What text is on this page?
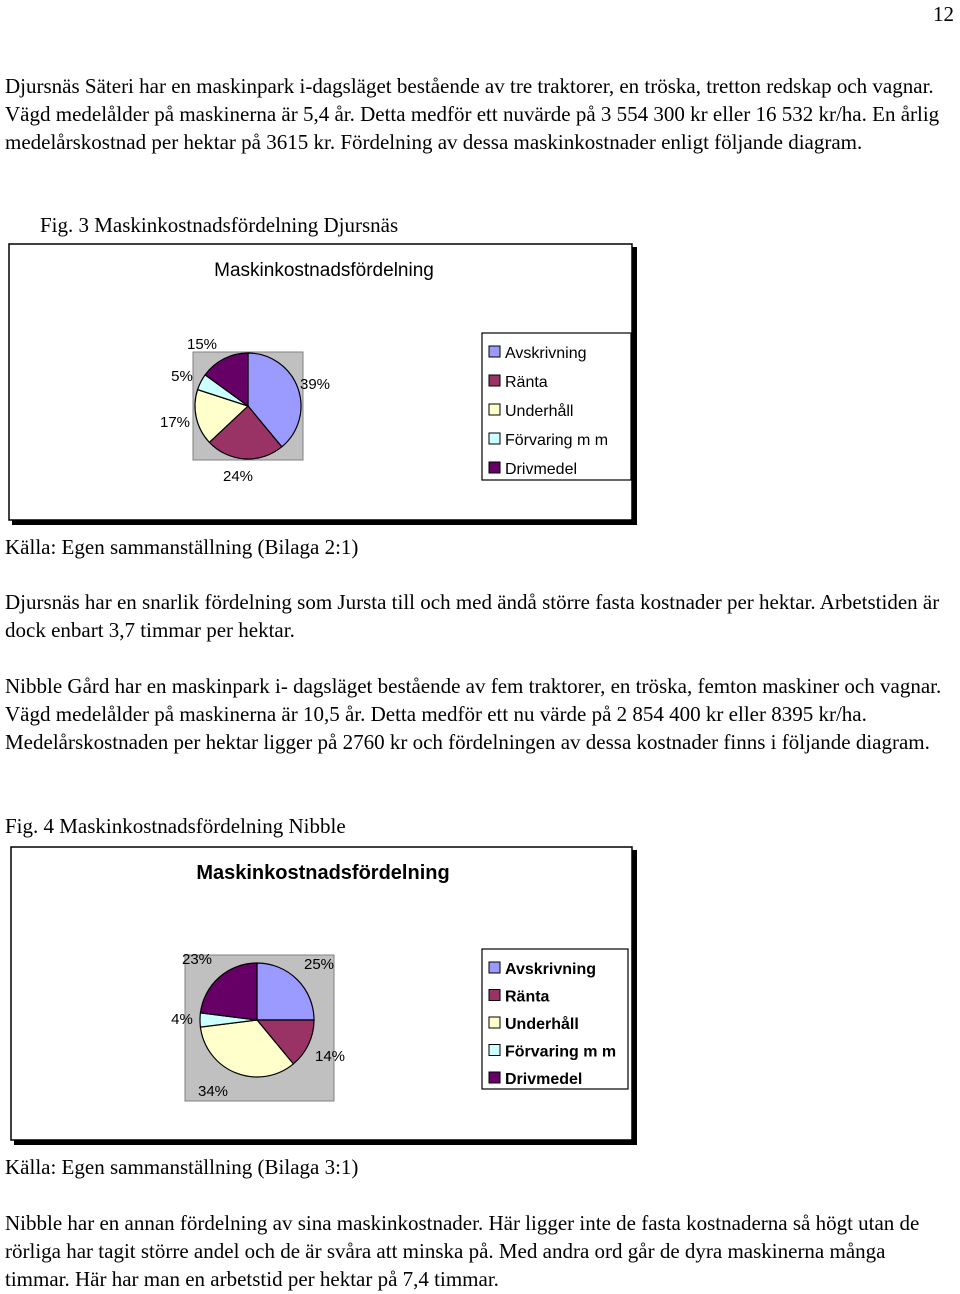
12

Djursnäs Säteri har en maskinpark i-dagsläget bestående av tre traktorer, en tröska, tretton redskap och vagnar. Vägd medelålder på maskinerna är 5,4 år. Detta medför ett nuvärde på 3 554 300 kr eller 16 532 kr/ha. En årlig medelårskostnad per hektar på 3615 kr. Fördelning av dessa maskinkostnader enligt följande diagram.

Fig. 3 Maskinkostnadsfördelning Djursnäs

Maskinkostnadsfördelning
39%
24%
17%
5%
15%
Avskrivning
Ränta
Underhåll
Förvaring m m
Drivmedel

Källa: Egen sammanställning (Bilaga 2:1)

Djursnäs har en snarlik fördelning som Jursta till och med ändå större fasta kostnader per hektar. Arbetstiden är dock enbart 3,7 timmar per hektar.

Nibble Gård har en maskinpark i- dagsläget bestående av fem traktorer, en tröska, femton maskiner och vagnar. Vägd medelålder på maskinerna är 10,5 år. Detta medför ett nu värde på 2 854 400 kr eller 8395 kr/ha. Medelårskostnaden per hektar ligger på 2760 kr och fördelningen av dessa kostnader finns i följande diagram.

Fig. 4 Maskinkostnadsfördelning Nibble

Maskinkostnadsfördelning
25%
14%
34%
4%
23%
Avskrivning
Ränta
Underhåll
Förvaring m m
Drivmedel

Källa: Egen sammanställning (Bilaga 3:1)

Nibble har en annan fördelning av sina maskinkostnader. Här ligger inte de fasta kostnaderna så högt utan de rörliga har tagit större andel och de är svåra att minska på. Med andra ord går de dyra maskinerna många timmar. Här har man en arbetstid per hektar på 7,4 timmar.
